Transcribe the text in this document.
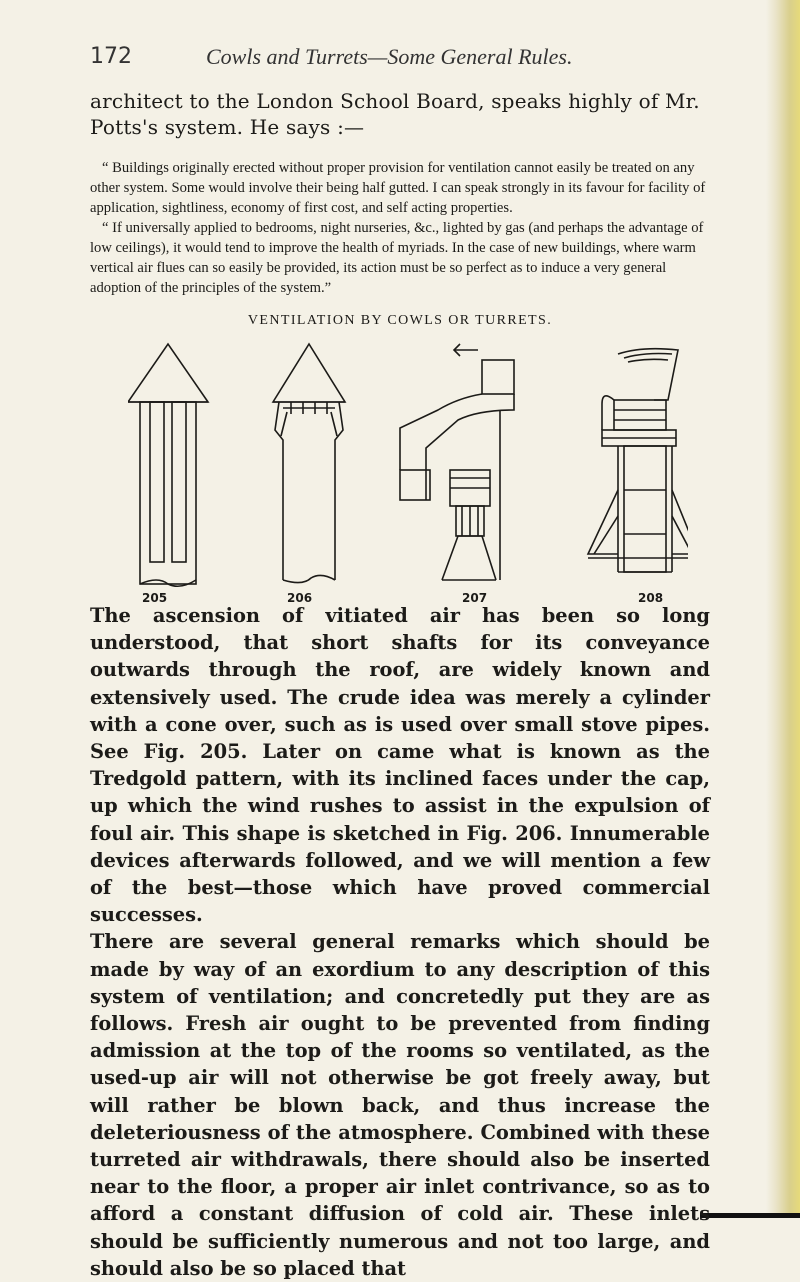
172	Cowls and Turrets—Some General Rules.
architect to the London School Board, speaks highly of Mr. Potts's system. He says :—

“ Buildings originally erected without proper provision for ventilation cannot easily be treated on any other system. Some would involve their being half gutted. I can speak strongly in its favour for facility of application, sightliness, economy of first cost, and self acting properties.

“ If universally applied to bedrooms, night nurseries, &c., lighted by gas (and perhaps the advantage of low ceilings), it would tend to improve the health of myriads. In the case of new buildings, where warm vertical air flues can so easily be provided, its action must be so perfect as to induce a very general adoption of the principles of the system.”

VENTILATION BY COWLS OR TURRETS.
205	206	207	208

The ascension of vitiated air has been so long understood, that short shafts for its conveyance outwards through the roof, are widely known and extensively used. The crude idea was merely a cylinder with a cone over, such as is used over small stove pipes. See Fig. 205. Later on came what is known as the Tredgold pattern, with its inclined faces under the cap, up which the wind rushes to assist in the expulsion of foul air. This shape is sketched in Fig. 206. Innumerable devices afterwards followed, and we will mention a few of the best—those which have proved commercial successes.

There are several general remarks which should be made by way of an exordium to any description of this system of ventilation; and concretedly put they are as follows. Fresh air ought to be prevented from finding admission at the top of the rooms so ventilated, as the used-up air will not otherwise be got freely away, but will rather be blown back, and thus increase the deleteriousness of the atmosphere. Combined with these turreted air withdrawals, there should also be inserted near to the floor, a proper air inlet contrivance, so as to afford a constant diffusion of cold air. These inlets should be sufficiently numerous and not too large, and should also be so placed that
